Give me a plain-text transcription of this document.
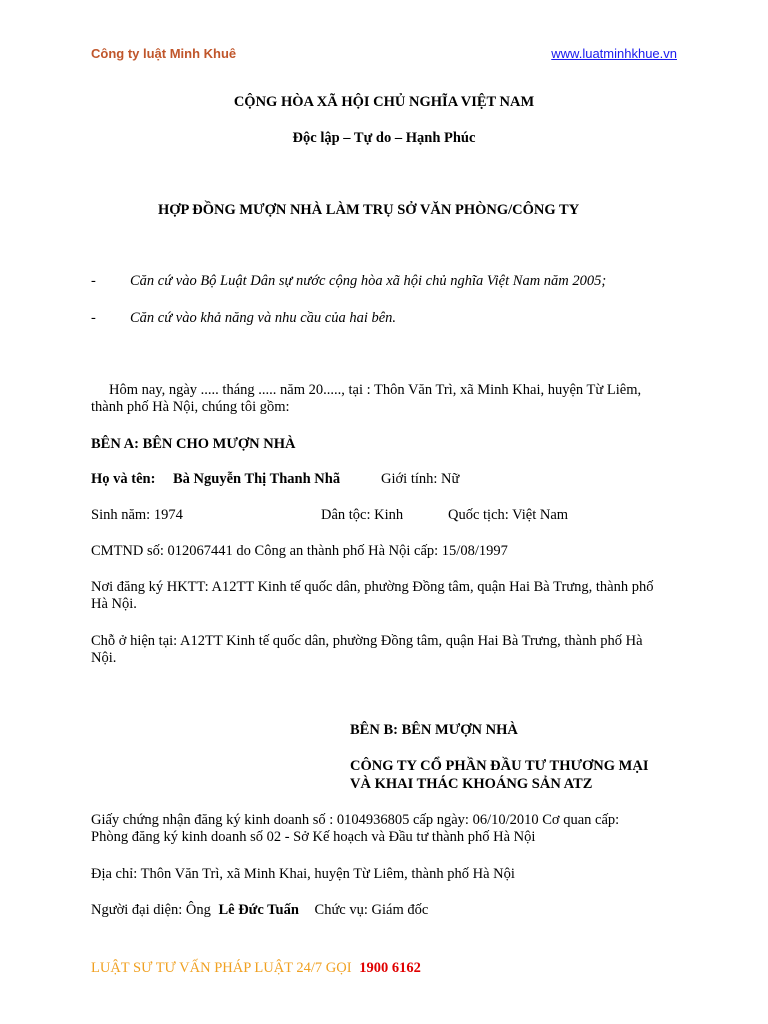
Công ty luật Minh Khuê	www.luatminhkhue.vn
CỘNG HÒA XÃ HỘI CHỦ NGHĨA VIỆT NAM
Độc lập – Tự do – Hạnh Phúc
HỢP ĐỒNG MƯỢN NHÀ LÀM TRỤ SỞ VĂN PHÒNG/CÔNG TY
- Căn cứ vào Bộ Luật Dân sự nước cộng hòa xã hội chủ nghĩa Việt Nam năm 2005;
- Căn cứ vào khả năng và nhu cầu của hai bên.
Hôm nay, ngày ..... tháng ..... năm 20....., tại : Thôn Văn Trì, xã Minh Khai, huyện Từ Liêm,
thành phố Hà Nội, chúng tôi gồm:
BÊN A: BÊN CHO MƯỢN NHÀ
Họ và tên: Bà Nguyễn Thị Thanh Nhã	Giới tính: Nữ
Sinh năm: 1974	Dân tộc: Kinh	Quốc tịch: Việt Nam
CMTND số: 012067441 do Công an thành phố Hà Nội cấp: 15/08/1997
Nơi đăng ký HKTT: A12TT Kinh tế quốc dân, phường Đồng tâm, quận Hai Bà Trưng, thành phố
Hà Nội.
Chỗ ở hiện tại: A12TT Kinh tế quốc dân, phường Đồng tâm, quận Hai Bà Trưng, thành phố Hà
Nội.
BÊN B: BÊN MƯỢN NHÀ
CÔNG TY CỔ PHẦN ĐẦU TƯ THƯƠNG MẠI
VÀ KHAI THÁC KHOÁNG SẢN ATZ
Giấy chứng nhận đăng ký kinh doanh số : 0104936805 cấp ngày: 06/10/2010 Cơ quan cấp:
Phòng đăng ký kinh doanh số 02 - Sở Kế hoạch và Đầu tư thành phố Hà Nội
Địa chỉ: Thôn Văn Trì, xã Minh Khai, huyện Từ Liêm, thành phố Hà Nội
Người đại diện: Ông Lê Đức Tuấn Chức vụ: Giám đốc
LUẬT SƯ TƯ VẤN PHÁP LUẬT 24/7 GỌI 1900 6162
